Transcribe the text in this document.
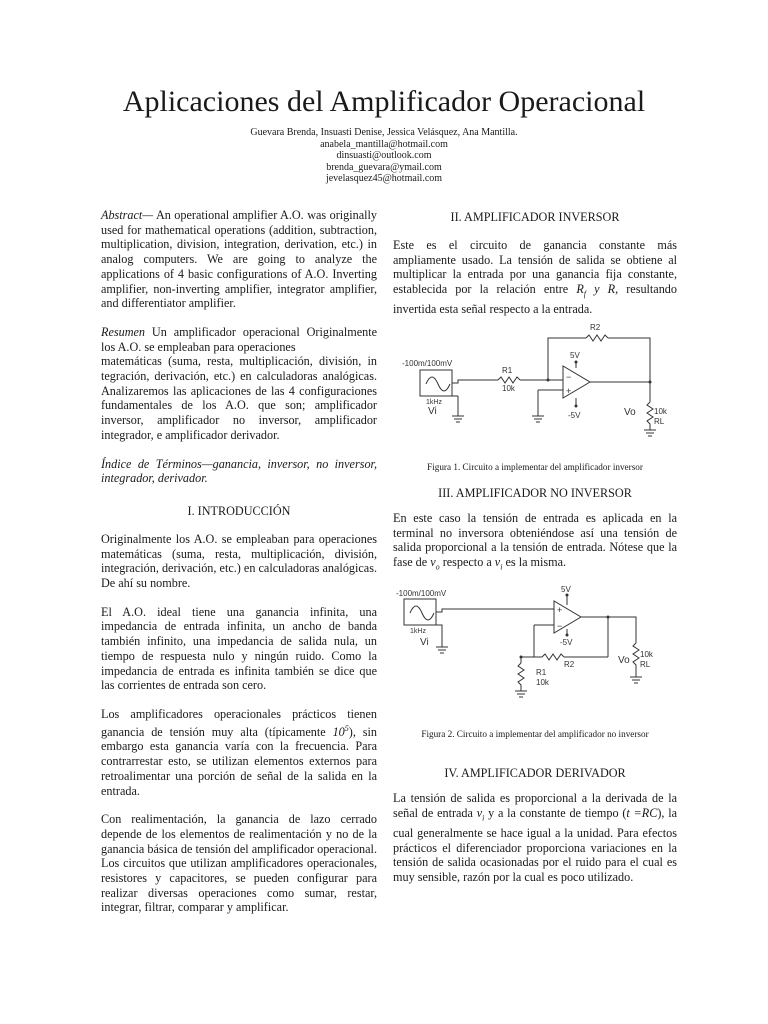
Aplicaciones del Amplificador Operacional
Guevara Brenda, Insuasti Denise, Jessica Velásquez, Ana Mantilla.
anabela_mantilla@hotmail.com
dinsuasti@outlook.com
brenda_guevara@ymail.com
jevelasquez45@hotmail.com

Abstract— An operational amplifier A.O. was originally used for mathematical operations (addition, subtraction, multiplication, division, integration, derivation, etc.) in analog computers. We are going to analyze the applications of 4 basic configurations of A.O. Inverting amplifier, non-inverting amplifier, integrator amplifier, and differentiator amplifier.

Resumen Un amplificador operacional Originalmente los A.O. se empleaban para operaciones

matemáticas (suma, resta, multiplicación, división, in tegración, derivación, etc.) en calculadoras analógicas. Analizaremos las aplicaciones de las 4 configuraciones fundamentales de los A.O. que son; amplificador inversor, amplificador no inversor, amplificador integrador, e amplificador derivador.

Índice de Términos—ganancia, inversor, no inversor, integrador, derivador.

I. INTRODUCCIÓN

Originalmente los A.O. se empleaban para operaciones matemáticas (suma, resta, multiplicación, división, integración, derivación, etc.) en calculadoras analógicas. De ahí su nombre.

El A.O. ideal tiene una ganancia infinita, una impedancia de entrada infinita, un ancho de banda también infinito, una impedancia de salida nula, un tiempo de respuesta nulo y ningún ruido. Como la impedancia de entrada es infinita también se dice que las corrientes de entrada son cero.

Los amplificadores operacionales prácticos tienen ganancia de tensión muy alta (típicamente $10^5$), sin embargo esta ganancia varía con la frecuencia. Para contrarrestar esto, se utilizan elementos externos para retroalimentar una porción de señal de la salida en la entrada.

Con realimentación, la ganancia de lazo cerrado depende de los elementos de realimentación y no de la ganancia básica de tensión del amplificador operacional. Los circuitos que utilizan amplificadores operacionales, resistores y capacitores, se pueden configurar para realizar diversas operaciones como sumar, restar, integrar, filtrar, comparar y amplificar.

II. AMPLIFICADOR INVERSOR

Este es el circuito de ganancia constante más ampliamente usado. La tensión de salida se obtiene al multiplicar la entrada por una ganancia fija constante, establecida por la relación entre $R_f$ y R, resultando invertida esta señal respecto a la entrada.

-100m/100mV
1kHz
Vi
R1
10k
R2
5V
-5V	Vo 10k
RL
−
+
Figura 1. Circuito a implementar del amplificador inversor
III. AMPLIFICADOR NO INVERSOR

En este caso la tensión de entrada es aplicada en la terminal no inversora obteniéndose así una tensión de salida proporcional a la tensión de entrada. Nótese que la fase de $v_o$ respecto a $v_i$ es la misma.

-100m/100mV
1kHz
Vi
R1
10k
R2
5V
-5V
Vo
10k
RL
+
−
Figura 2. Circuito a implementar del amplificador no inversor
IV. AMPLIFICADOR DERIVADOR

La tensión de salida es proporcional a la derivada de la señal de entrada $v_i$ y a la constante de tiempo (t =RC), la cual generalmente se hace igual a la unidad. Para efectos prácticos el diferenciador proporciona variaciones en la tensión de salida ocasionadas por el ruido para el cual es muy sensible, razón por la cual es poco utilizado.
